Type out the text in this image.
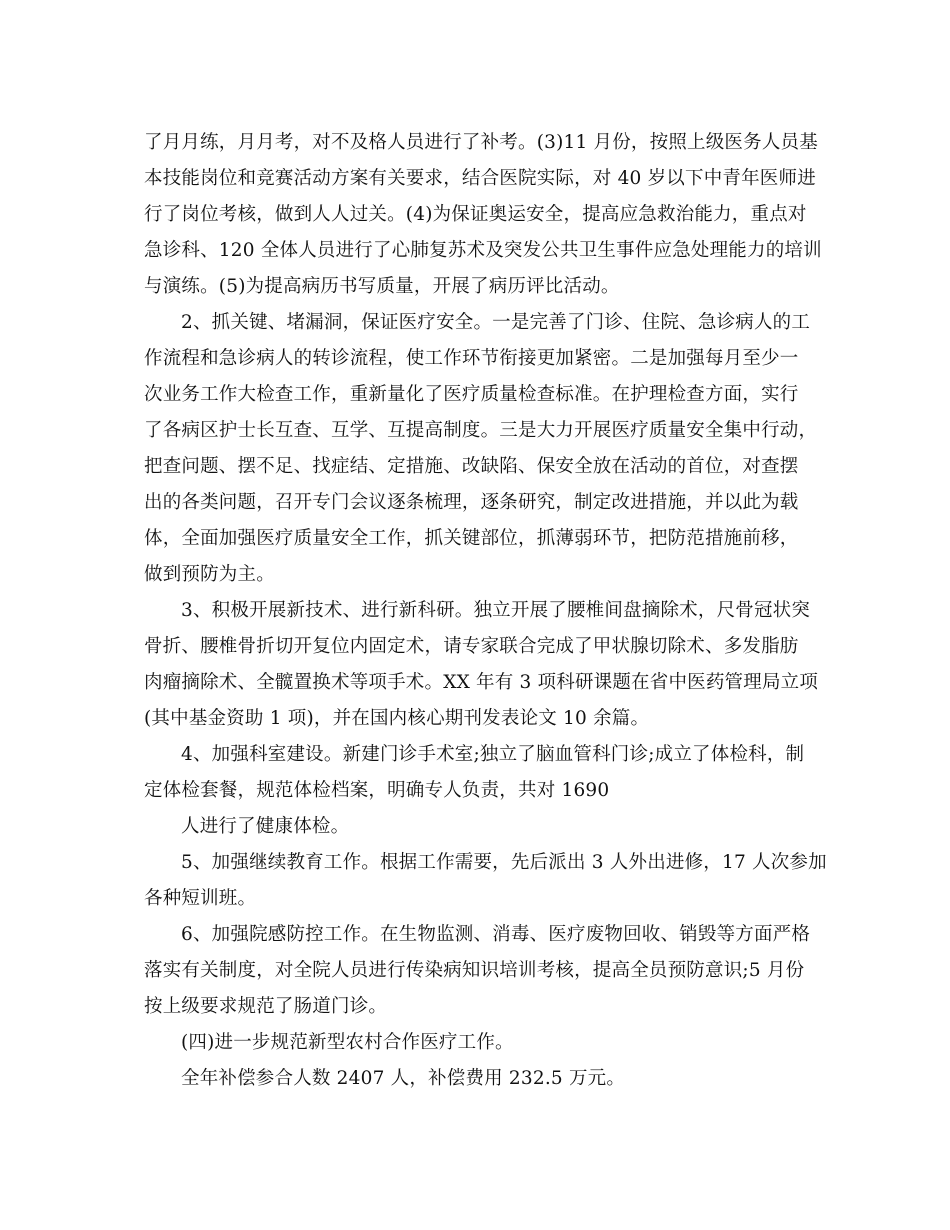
了月月练，月月考，对不及格人员进行了补考。(3)11 月份，按照上级医务人员基
本技能岗位和竞赛活动方案有关要求，结合医院实际，对 40 岁以下中青年医师进
行了岗位考核，做到人人过关。(4)为保证奥运安全，提高应急救治能力，重点对
急诊科、120 全体人员进行了心肺复苏术及突发公共卫生事件应急处理能力的培训
与演练。(5)为提高病历书写质量，开展了病历评比活动。
2、抓关键、堵漏洞，保证医疗安全。一是完善了门诊、住院、急诊病人的工
作流程和急诊病人的转诊流程，使工作环节衔接更加紧密。二是加强每月至少一
次业务工作大检查工作，重新量化了医疗质量检查标准。在护理检查方面，实行
了各病区护士长互查、互学、互提高制度。三是大力开展医疗质量安全集中行动，
把查问题、摆不足、找症结、定措施、改缺陷、保安全放在活动的首位，对查摆
出的各类问题，召开专门会议逐条梳理，逐条研究，制定改进措施，并以此为载
体，全面加强医疗质量安全工作，抓关键部位，抓薄弱环节，把防范措施前移，
做到预防为主。
3、积极开展新技术、进行新科研。独立开展了腰椎间盘摘除术，尺骨冠状突
骨折、腰椎骨折切开复位内固定术，请专家联合完成了甲状腺切除术、多发脂肪
肉瘤摘除术、全髋置换术等项手术。XX 年有 3 项科研课题在省中医药管理局立项
(其中基金资助 1 项)，并在国内核心期刊发表论文 10 余篇。
4、加强科室建设。新建门诊手术室;独立了脑血管科门诊;成立了体检科，制
定体检套餐，规范体检档案，明确专人负责，共对 1690
人进行了健康体检。
5、加强继续教育工作。根据工作需要，先后派出 3 人外出进修，17 人次参加
各种短训班。
6、加强院感防控工作。在生物监测、消毒、医疗废物回收、销毁等方面严格
落实有关制度，对全院人员进行传染病知识培训考核，提高全员预防意识;5 月份
按上级要求规范了肠道门诊。
(四)进一步规范新型农村合作医疗工作。
全年补偿参合人数 2407 人，补偿费用 232.5 万元。
